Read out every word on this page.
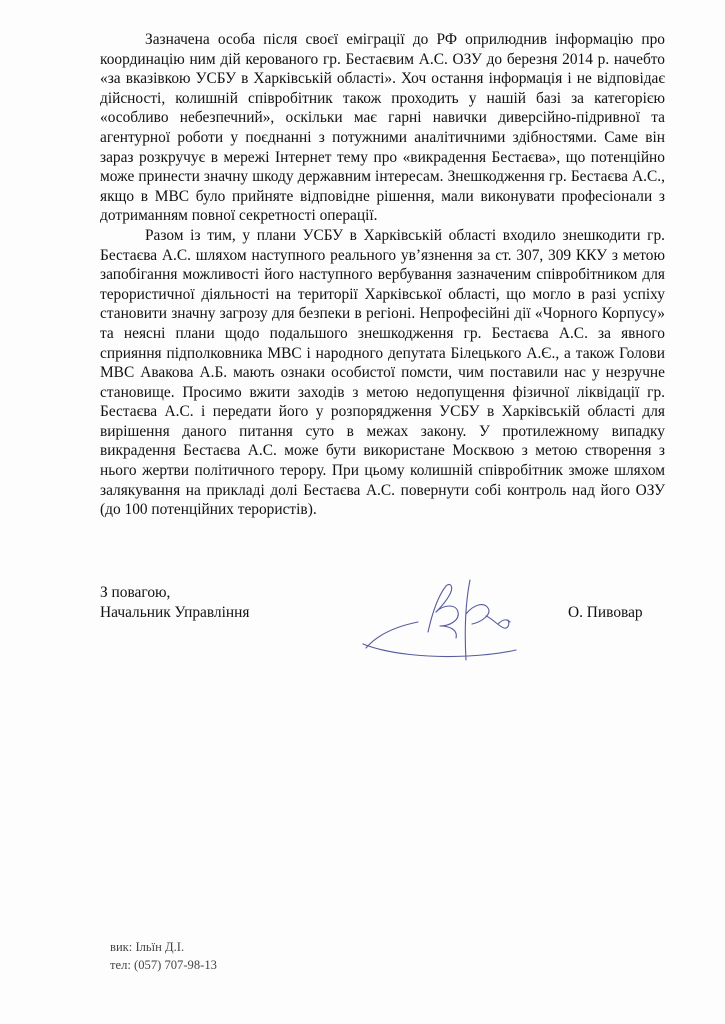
Зазначена особа після своєї еміграції до РФ оприлюднив інформацію про координацію ним дій керованого гр. Бестаєвим А.С. ОЗУ до березня 2014 р. начебто «за вказівкою УСБУ в Харківській області». Хоч остання інформація і не відповідає дійсності, колишній співробітник також проходить у нашій базі за категорією «особливо небезпечний», оскільки має гарні навички диверсійно-підривної та агентурної роботи у поєднанні з потужними аналітичними здібностями. Саме він зараз розкручує в мережі Інтернет тему про «викрадення Бестаєва», що потенційно може принести значну шкоду державним інтересам. Знешкодження гр. Бестаєва А.С., якщо в МВС було прийняте відповідне рішення, мали виконувати професіонали з дотриманням повної секретності операції.

Разом із тим, у плани УСБУ в Харківській області входило знешкодити гр. Бестаєва А.С. шляхом наступного реального ув’язнення за ст. 307, 309 ККУ з метою запобігання можливості його наступного вербування зазначеним співробітником для терористичної діяльності на території Харківської області, що могло в разі успіху становити значну загрозу для безпеки в регіоні. Непрофесійні дії «Чорного Корпусу» та неясні плани щодо подальшого знешкодження гр. Бестаєва А.С. за явного сприяння підполковника МВС і народного депутата Білецького А.Є., а також Голови МВС Авакова А.Б. мають ознаки особистої помсти, чим поставили нас у незручне становище. Просимо вжити заходів з метою недопущення фізичної ліквідації гр. Бестаєва А.С. і передати його у розпорядження УСБУ в Харківській області для вирішення даного питання суто в межах закону. У протилежному випадку викрадення Бестаєва А.С. може бути використане Москвою з метою створення з нього жертви політичного терору. При цьому колишній співробітник зможе шляхом залякування на прикладі долі Бестаєва А.С. повернути собі контроль над його ОЗУ (до 100 потенційних терористів).

З повагою,
Начальник Управління	О. Пивовар
вик: Ільїн Д.І.
тел: (057) 707-98-13
